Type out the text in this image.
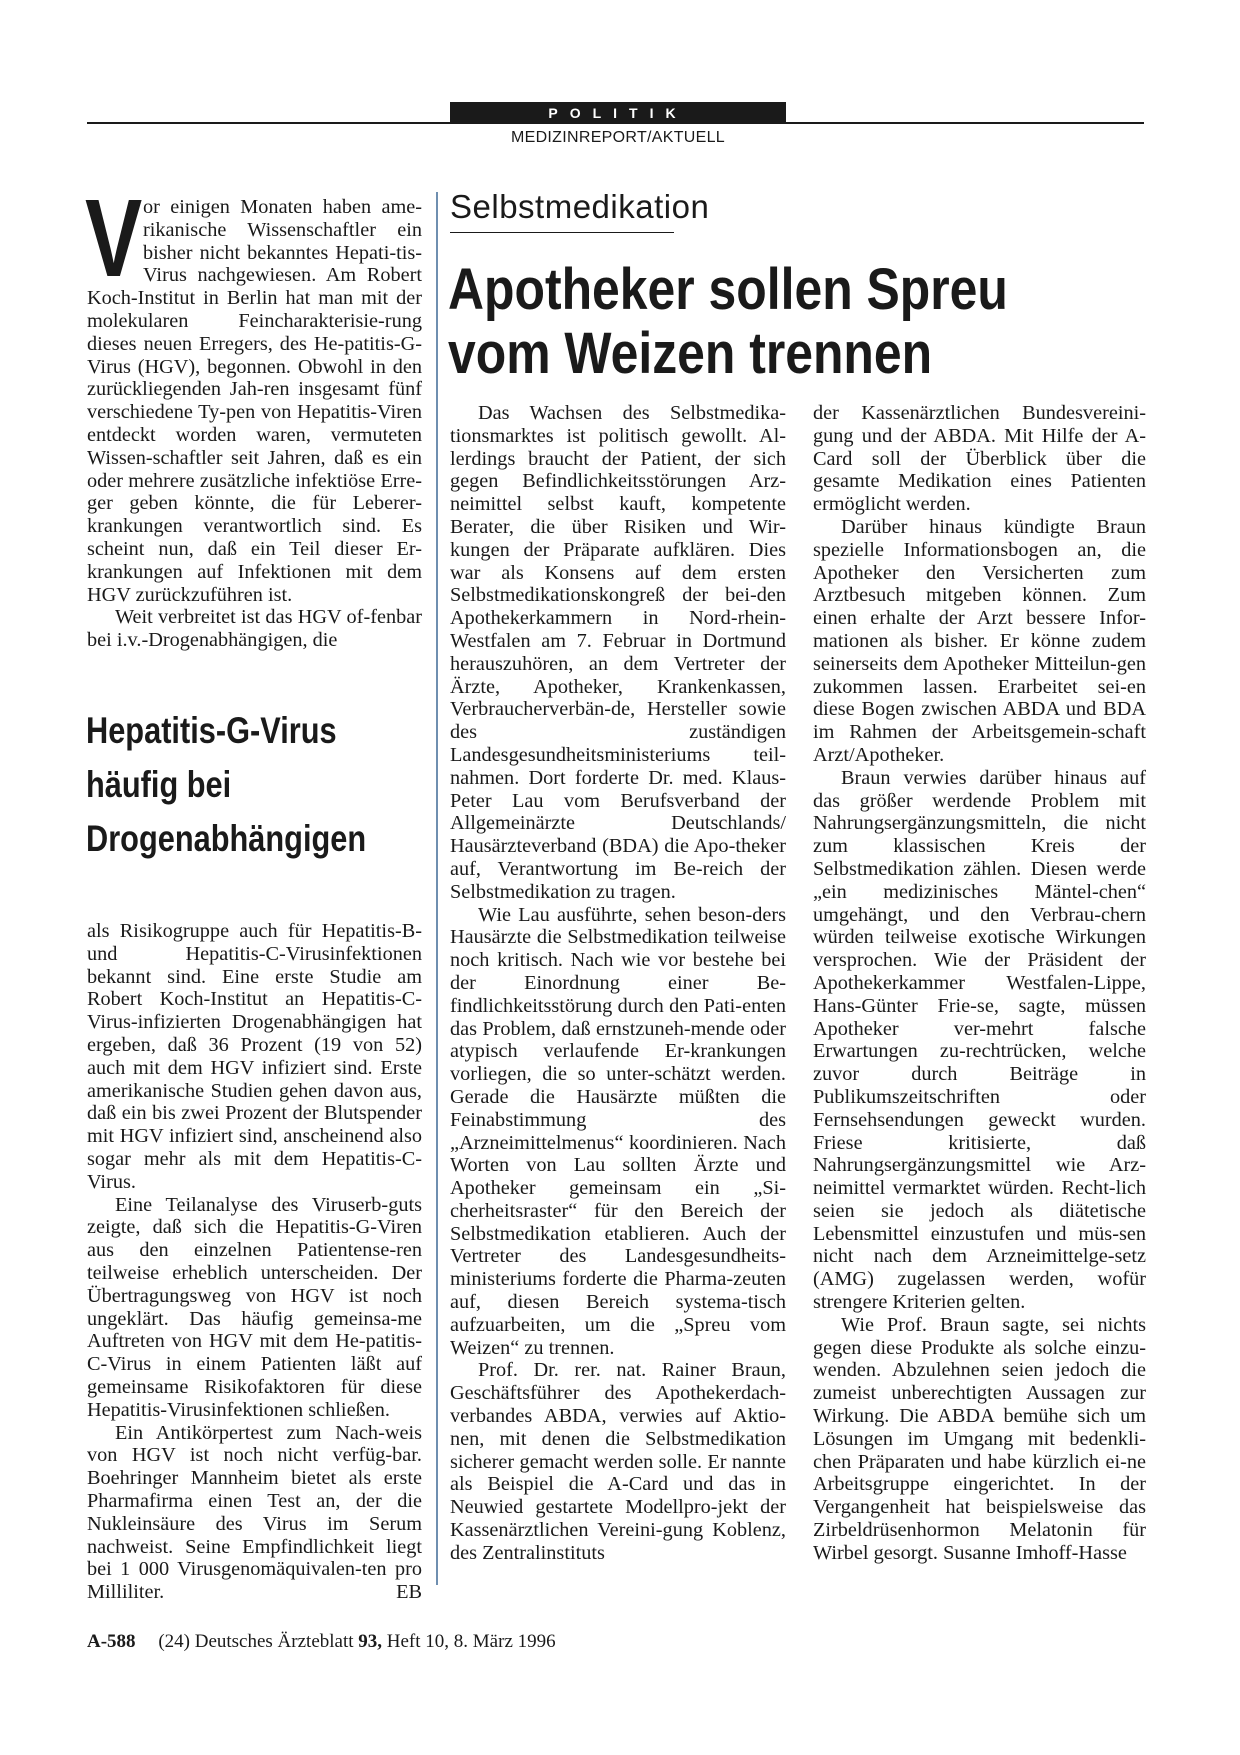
POLITIK
MEDIZINREPORT/AKTUELL

Vor einigen Monaten haben ame-rikanische Wissenschaftler ein bisher nicht bekanntes Hepati-tis-Virus nachgewiesen. Am Robert Koch-Institut in Berlin hat man mit der molekularen Feincharakterisie-rung dieses neuen Erregers, des He-patitis-G-Virus (HGV), begonnen. Obwohl in den zurückliegenden Jah-ren insgesamt fünf verschiedene Ty-pen von Hepatitis-Viren entdeckt worden waren, vermuteten Wissen-schaftler seit Jahren, daß es ein oder mehrere zusätzliche infektiöse Erre-ger geben könnte, die für Leberer-krankungen verantwortlich sind. Es scheint nun, daß ein Teil dieser Er-krankungen auf Infektionen mit dem HGV zurückzuführen ist.

Weit verbreitet ist das HGV of-fenbar bei i.v.-Drogenabhängigen, die

Hepatitis-G-Virus
häufig bei
Drogenabhängigen

als Risikogruppe auch für Hepatitis-B- und Hepatitis-C-Virusinfektionen bekannt sind. Eine erste Studie am Robert Koch-Institut an Hepatitis-C-Virus-infizierten Drogenabhängigen hat ergeben, daß 36 Prozent (19 von 52) auch mit dem HGV infiziert sind. Erste amerikanische Studien gehen davon aus, daß ein bis zwei Prozent der Blutspender mit HGV infiziert sind, anscheinend also sogar mehr als mit dem Hepatitis-C-Virus.

Eine Teilanalyse des Viruserb-guts zeigte, daß sich die Hepatitis-G-Viren aus den einzelnen Patientense-ren teilweise erheblich unterscheiden. Der Übertragungsweg von HGV ist noch ungeklärt. Das häufig gemeinsa-me Auftreten von HGV mit dem He-patitis-C-Virus in einem Patienten läßt auf gemeinsame Risikofaktoren für diese Hepatitis-Virusinfektionen schließen.

Ein Antikörpertest zum Nach-weis von HGV ist noch nicht verfüg-bar. Boehringer Mannheim bietet als erste Pharmafirma einen Test an, der die Nukleinsäure des Virus im Serum nachweist. Seine Empfindlichkeit liegt bei 1 000 Virusgenomäquivalen-ten pro Milliliter.	EB

Selbstmedikation
Apotheker sollen Spreu
vom Weizen trennen

Das Wachsen des Selbstmedika-tionsmarktes ist politisch gewollt. Al-lerdings braucht der Patient, der sich gegen Befindlichkeitsstörungen Arz-neimittel selbst kauft, kompetente Berater, die über Risiken und Wir-kungen der Präparate aufklären. Dies war als Konsens auf dem ersten Selbstmedikationskongreß der bei-den Apothekerkammern in Nord-rhein-Westfalen am 7. Februar in Dortmund herauszuhören, an dem Vertreter der Ärzte, Apotheker, Krankenkassen, Verbraucherverbän-de, Hersteller sowie des zuständigen Landesgesundheitsministeriums teil-nahmen. Dort forderte Dr. med. Klaus-Peter Lau vom Berufsverband der Allgemeinärzte Deutschlands/ Hausärzteverband (BDA) die Apo-theker auf, Verantwortung im Be-reich der Selbstmedikation zu tragen.

Wie Lau ausführte, sehen beson-ders Hausärzte die Selbstmedikation teilweise noch kritisch. Nach wie vor bestehe bei der Einordnung einer Be-findlichkeitsstörung durch den Pati-enten das Problem, daß ernstzuneh-mende oder atypisch verlaufende Er-krankungen vorliegen, die so unter-schätzt werden. Gerade die Hausärzte müßten die Feinabstimmung des „Arzneimittelmenus“ koordinieren. Nach Worten von Lau sollten Ärzte und Apotheker gemeinsam ein „Si-cherheitsraster“ für den Bereich der Selbstmedikation etablieren. Auch der Vertreter des Landesgesundheits-ministeriums forderte die Pharma-zeuten auf, diesen Bereich systema-tisch aufzuarbeiten, um die „Spreu vom Weizen“ zu trennen.

Prof. Dr. rer. nat. Rainer Braun, Geschäftsführer des Apothekerdach-verbandes ABDA, verwies auf Aktio-nen, mit denen die Selbstmedikation sicherer gemacht werden solle. Er nannte als Beispiel die A-Card und das in Neuwied gestartete Modellpro-jekt der Kassenärztlichen Vereini-gung Koblenz, des Zentralinstituts

der Kassenärztlichen Bundesvereini-gung und der ABDA. Mit Hilfe der A-Card soll der Überblick über die gesamte Medikation eines Patienten ermöglicht werden.

Darüber hinaus kündigte Braun spezielle Informationsbogen an, die Apotheker den Versicherten zum Arztbesuch mitgeben können. Zum einen erhalte der Arzt bessere Infor-mationen als bisher. Er könne zudem seinerseits dem Apotheker Mitteilun-gen zukommen lassen. Erarbeitet sei-en diese Bogen zwischen ABDA und BDA im Rahmen der Arbeitsgemein-schaft Arzt/Apotheker.

Braun verwies darüber hinaus auf das größer werdende Problem mit Nahrungsergänzungsmitteln, die nicht zum klassischen Kreis der Selbstmedikation zählen. Diesen werde „ein medizinisches Mäntel-chen“ umgehängt, und den Verbrau-chern würden teilweise exotische Wirkungen versprochen. Wie der Präsident der Apothekerkammer Westfalen-Lippe, Hans-Günter Frie-se, sagte, müssen Apotheker ver-mehrt falsche Erwartungen zu-rechtrücken, welche zuvor durch Beiträge in Publikumszeitschriften oder Fernsehsendungen geweckt wurden. Friese kritisierte, daß Nahrungsergänzungsmittel wie Arz-neimittel vermarktet würden. Recht-lich seien sie jedoch als diätetische Lebensmittel einzustufen und müs-sen nicht nach dem Arzneimittelge-setz (AMG) zugelassen werden, wofür strengere Kriterien gelten.

Wie Prof. Braun sagte, sei nichts gegen diese Produkte als solche einzu-wenden. Abzulehnen seien jedoch die zumeist unberechtigten Aussagen zur Wirkung. Die ABDA bemühe sich um Lösungen im Umgang mit bedenkli-chen Präparaten und habe kürzlich ei-ne Arbeitsgruppe eingerichtet. In der Vergangenheit hat beispielsweise das Zirbeldrüsenhormon Melatonin für Wirbel gesorgt. Susanne Imhoff-Hasse

A-588 (24) Deutsches Ärzteblatt 93, Heft 10, 8. März 1996
